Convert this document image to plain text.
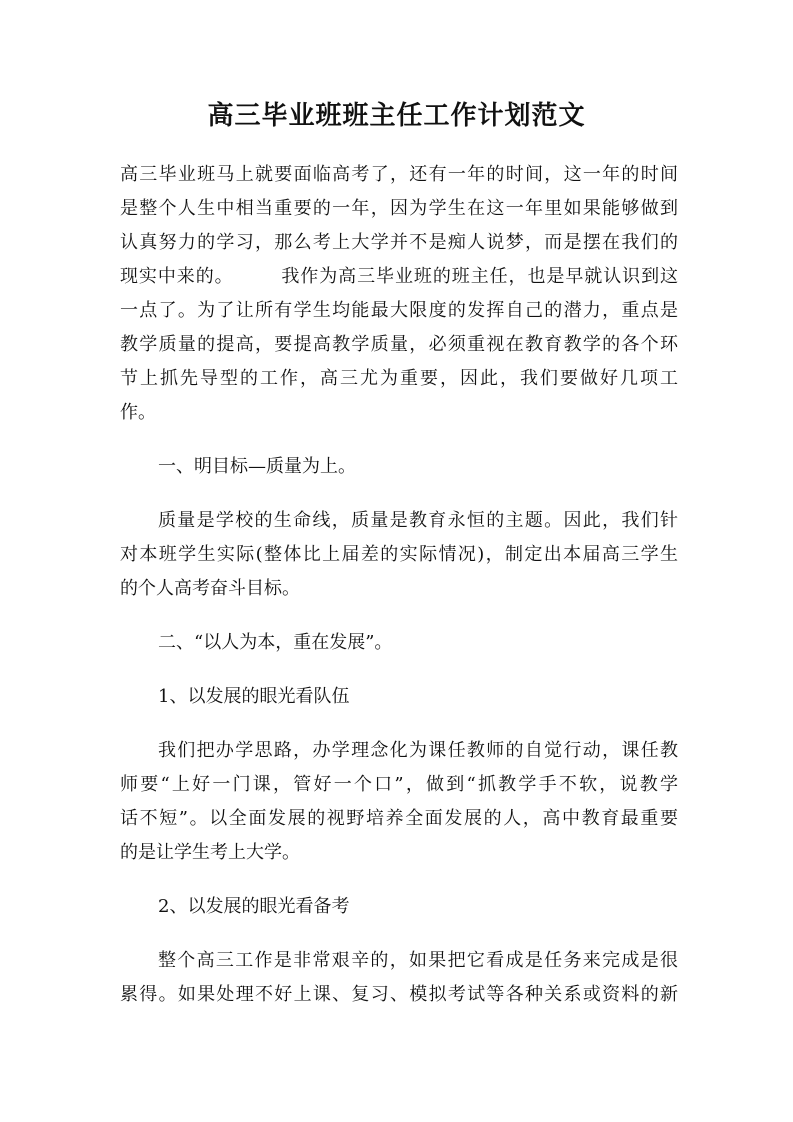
高三毕业班班主任工作计划范文
高三毕业班马上就要面临高考了，还有一年的时间，这一年的时间
是整个人生中相当重要的一年，因为学生在这一年里如果能够做到
认真努力的学习，那么考上大学并不是痴人说梦，而是摆在我们的
现实中来的。　　　我作为高三毕业班的班主任，也是早就认识到这
一点了。为了让所有学生均能最大限度的发挥自己的潜力，重点是
教学质量的提高，要提高教学质量，必须重视在教育教学的各个环
节上抓先导型的工作，高三尤为重要，因此，我们要做好几项工
作。
一、明目标—质量为上。
质量是学校的生命线，质量是教育永恒的主题。因此，我们针
对本班学生实际(整体比上届差的实际情况)，制定出本届高三学生
的个人高考奋斗目标。
二、“以人为本，重在发展”。
1、以发展的眼光看队伍
我们把办学思路，办学理念化为课任教师的自觉行动，课任教
师要“上好一门课，管好一个口”，做到“抓教学手不软，说教学
话不短”。以全面发展的视野培养全面发展的人，高中教育最重要
的是让学生考上大学。
2、以发展的眼光看备考
整个高三工作是非常艰辛的，如果把它看成是任务来完成是很
累得。如果处理不好上课、复习、模拟考试等各种关系或资料的新
